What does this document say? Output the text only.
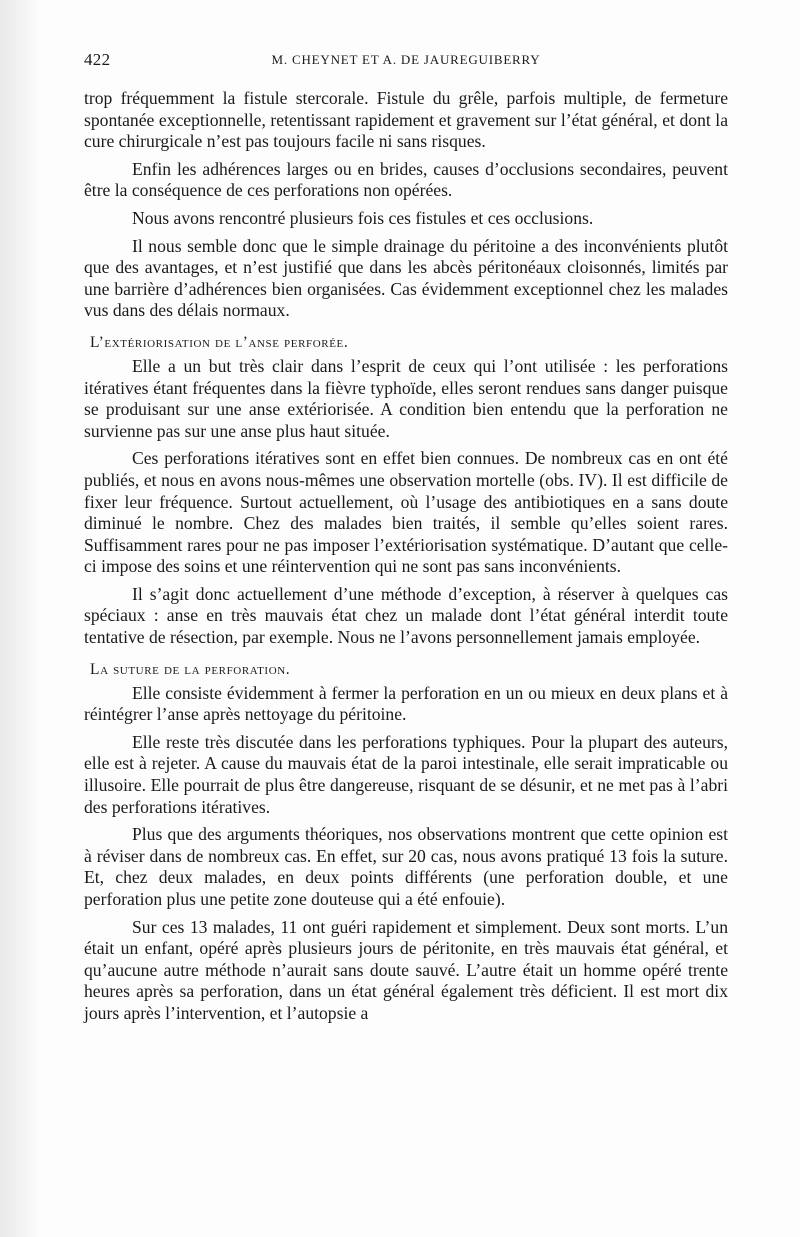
422	M. CHEYNET ET A. DE JAUREGUIBERRY

trop fréquemment la fistule stercorale. Fistule du grêle, parfois multiple, de fermeture spontanée exceptionnelle, retentissant rapidement et gravement sur l’état général, et dont la cure chirurgicale n’est pas toujours facile ni sans risques.

Enfin les adhérences larges ou en brides, causes d’occlusions secondaires, peuvent être la conséquence de ces perforations non opérées.

Nous avons rencontré plusieurs fois ces fistules et ces occlusions.

Il nous semble donc que le simple drainage du péritoine a des inconvénients plutôt que des avantages, et n’est justifié que dans les abcès péritonéaux cloisonnés, limités par une barrière d’adhérences bien organisées. Cas évidemment exceptionnel chez les malades vus dans des délais normaux.

L’extériorisation de l’anse perforée.

Elle a un but très clair dans l’esprit de ceux qui l’ont utilisée : les perforations itératives étant fréquentes dans la fièvre typhoïde, elles seront rendues sans danger puisque se produisant sur une anse extériorisée. A condition bien entendu que la perforation ne survienne pas sur une anse plus haut située.

Ces perforations itératives sont en effet bien connues. De nombreux cas en ont été publiés, et nous en avons nous-mêmes une observation mortelle (obs. IV). Il est difficile de fixer leur fréquence. Surtout actuellement, où l’usage des antibiotiques en a sans doute diminué le nombre. Chez des malades bien traités, il semble qu’elles soient rares. Suffisamment rares pour ne pas imposer l’extériorisation systématique. D’autant que celle-ci impose des soins et une réintervention qui ne sont pas sans inconvénients.

Il s’agit donc actuellement d’une méthode d’exception, à réserver à quelques cas spéciaux : anse en très mauvais état chez un malade dont l’état général interdit toute tentative de résection, par exemple. Nous ne l’avons personnellement jamais employée.

La suture de la perforation.

Elle consiste évidemment à fermer la perforation en un ou mieux en deux plans et à réintégrer l’anse après nettoyage du péritoine.

Elle reste très discutée dans les perforations typhiques. Pour la plupart des auteurs, elle est à rejeter. A cause du mauvais état de la paroi intestinale, elle serait impraticable ou illusoire. Elle pourrait de plus être dangereuse, risquant de se désunir, et ne met pas à l’abri des perforations itératives.

Plus que des arguments théoriques, nos observations montrent que cette opinion est à réviser dans de nombreux cas. En effet, sur 20 cas, nous avons pratiqué 13 fois la suture. Et, chez deux malades, en deux points différents (une perforation double, et une perforation plus une petite zone douteuse qui a été enfouie).

Sur ces 13 malades, 11 ont guéri rapidement et simplement. Deux sont morts. L’un était un enfant, opéré après plusieurs jours de péritonite, en très mauvais état général, et qu’aucune autre méthode n’aurait sans doute sauvé. L’autre était un homme opéré trente heures après sa perforation, dans un état général également très déficient. Il est mort dix jours après l’intervention, et l’autopsie a
